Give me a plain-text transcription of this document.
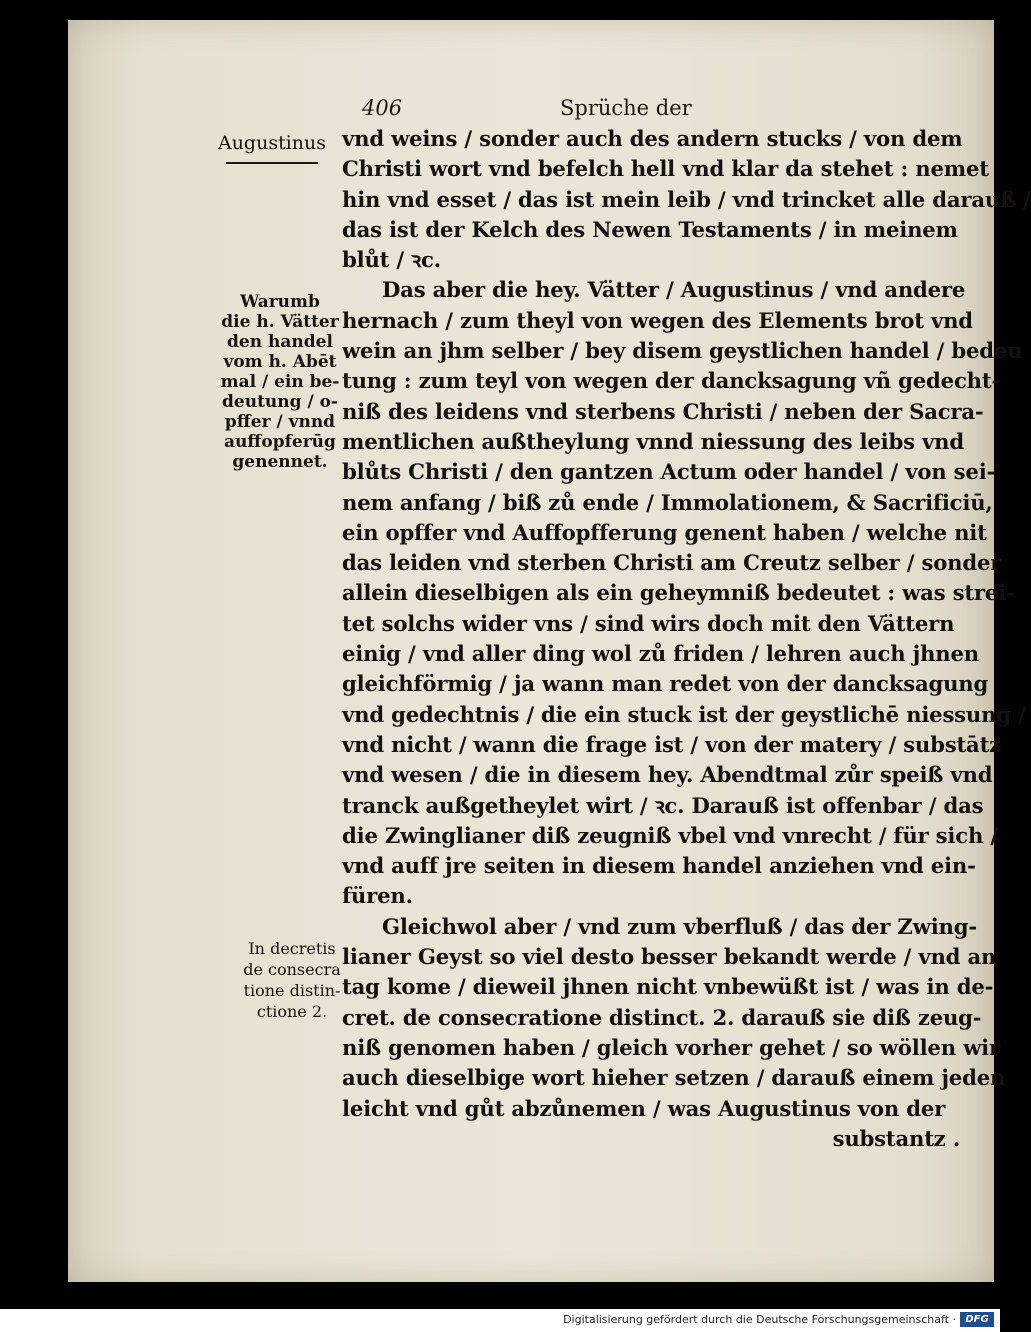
406	Sprüche der
Augustinus
Warumb
die h. Vätter
den handel
vom h. Abēt
mal / ein be-
deutung / o-
pffer / vnnd
auffopferūg
genennet.
In decretis
de consecra
tione distin-
ctione 2.
vnd weins / sonder auch des andern stucks / von dem
Christi wort vnd befelch hell vnd klar da stehet : nemet
hin vnd esset / das ist mein leib / vnd trincket alle darauß /
das ist der Kelch des Newen Testaments / in meinem
blůt / ꝛc.
Das aber die hey. Vätter / Augustinus / vnd andere
hernach / zum theyl von wegen des Elements brot vnd
wein an jhm selber / bey disem geystlichen handel / bedeu
tung : zum teyl von wegen der dancksagung vñ gedecht-
niß des leidens vnd sterbens Christi / neben der Sacra-
mentlichen außtheylung vnnd niessung des leibs vnd
blůts Christi / den gantzen Actum oder handel / von sei-
nem anfang / biß zů ende / Immolationem, & Sacrificiū,
ein opffer vnd Auffopfferung genent haben / welche nit
das leiden vnd sterben Christi am Creutz selber / sonder
allein dieselbigen als ein geheymniß bedeutet : was strei-
tet solchs wider vns / sind wirs doch mit den Vättern
einig / vnd aller ding wol zů friden / lehren auch jhnen
gleichförmig / ja wann man redet von der dancksagung
vnd gedechtnis / die ein stuck ist der geystlichē niessung /
vnd nicht / wann die frage ist / von der matery / substātz
vnd wesen / die in diesem hey. Abendtmal zůr speiß vnd
tranck außgetheylet wirt / ꝛc. Darauß ist offenbar / das
die Zwinglianer diß zeugniß vbel vnd vnrecht / für sich /
vnd auff jre seiten in diesem handel anziehen vnd ein-
füren.
Gleichwol aber / vnd zum vberfluß / das der Zwing-
lianer Geyst so viel desto besser bekandt werde / vnd an
tag kome / dieweil jhnen nicht vnbewüßt ist / was in de-
cret. de consecratione distinct. 2. darauß sie diß zeug-
niß genomen haben / gleich vorher gehet / so wöllen wir
auch dieselbige wort hieher setzen / darauß einem jeden
leicht vnd gůt abzůnemen / was Augustinus von der
substantz .
Digitalisierung gefördert durch die Deutsche Forschungsgemeinschaft · DFG
